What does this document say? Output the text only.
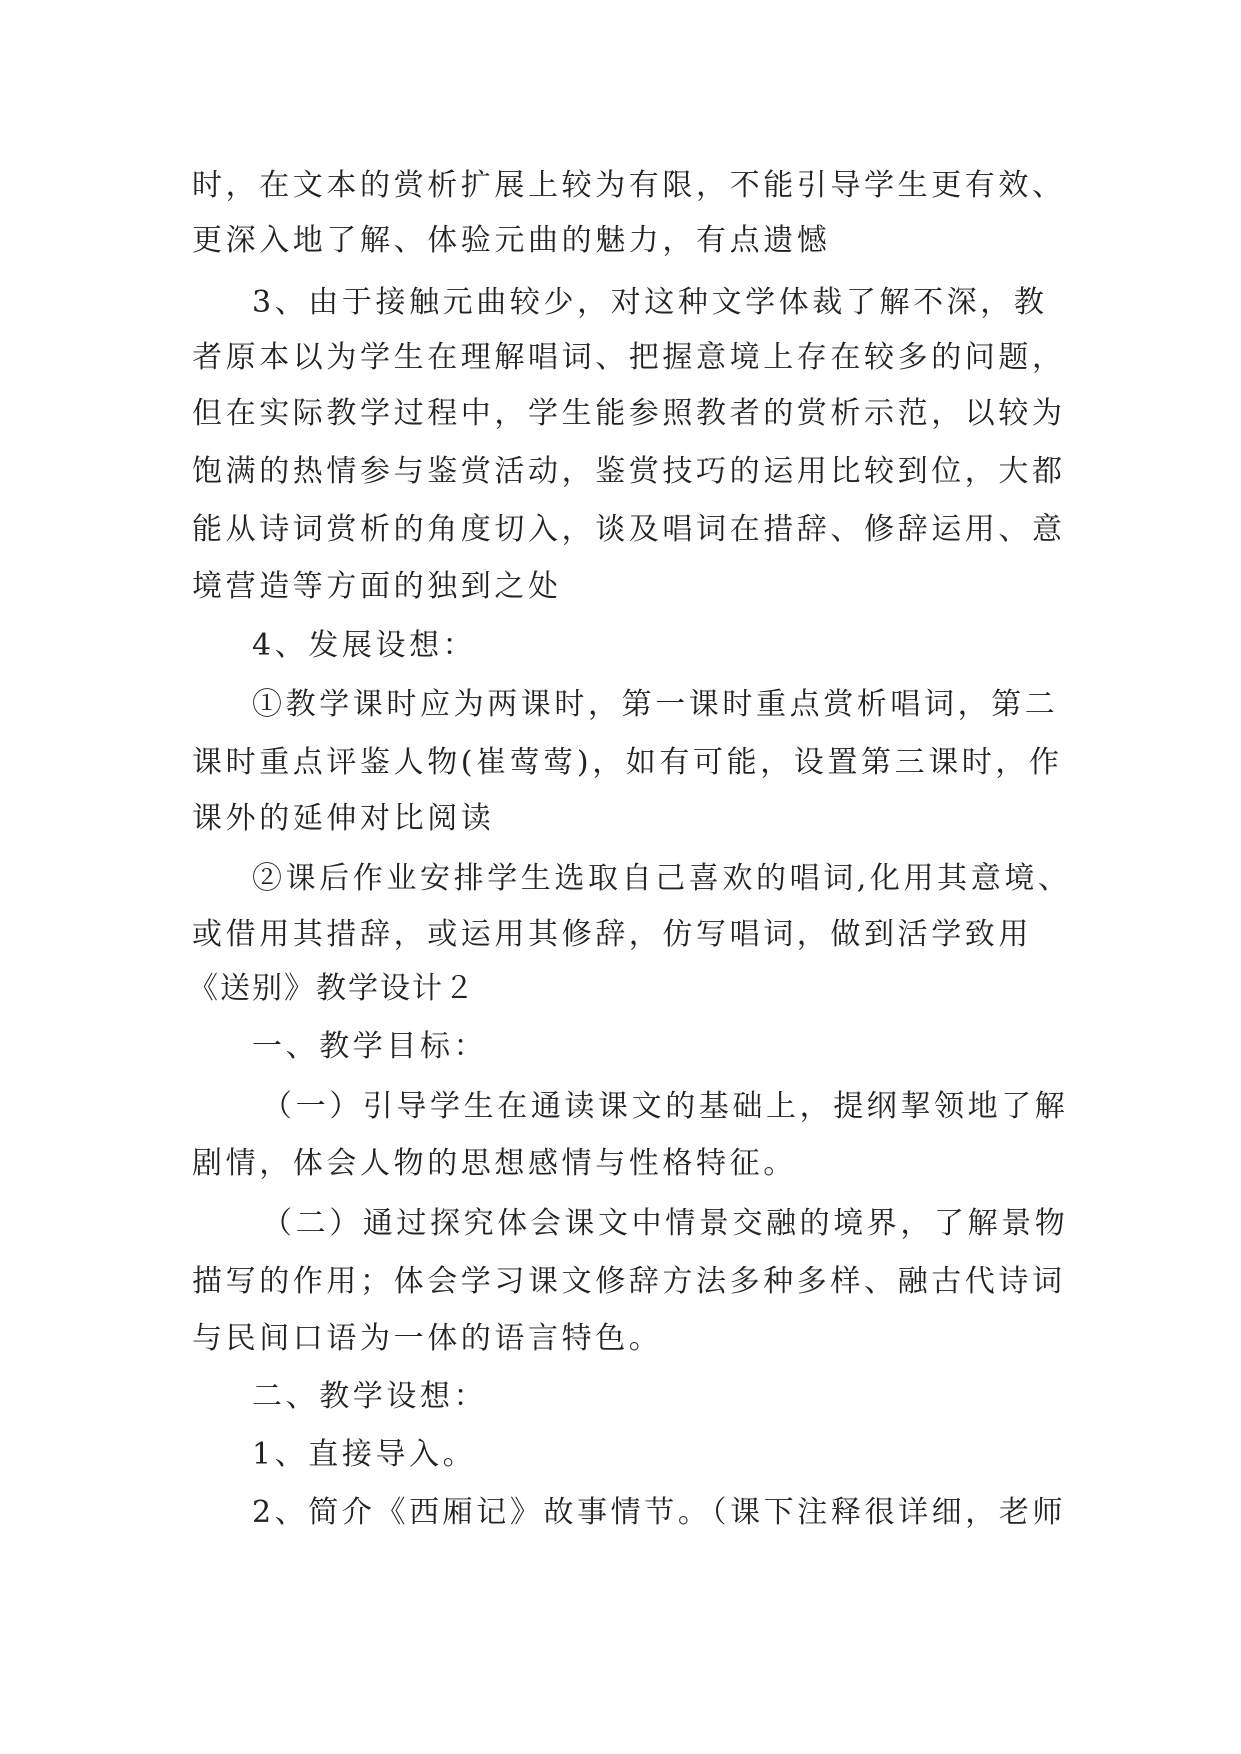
时，在文本的赏析扩展上较为有限，不能引导学生更有效、
更深入地了解、体验元曲的魅力，有点遗憾
3、由于接触元曲较少，对这种文学体裁了解不深，教
者原本以为学生在理解唱词、把握意境上存在较多的问题，
但在实际教学过程中，学生能参照教者的赏析示范，以较为
饱满的热情参与鉴赏活动，鉴赏技巧的运用比较到位，大都
能从诗词赏析的角度切入，谈及唱词在措辞、修辞运用、意
境营造等方面的独到之处
4、发展设想：
①教学课时应为两课时，第一课时重点赏析唱词，第二
课时重点评鉴人物(崔莺莺)，如有可能，设置第三课时，作
课外的延伸对比阅读
②课后作业安排学生选取自己喜欢的唱词,化用其意境、
或借用其措辞，或运用其修辞，仿写唱词，做到活学致用
《送别》教学设计２
一、教学目标：
（一）引导学生在通读课文的基础上，提纲挈领地了解
剧情，体会人物的思想感情与性格特征。
（二）通过探究体会课文中情景交融的境界，了解景物
描写的作用；体会学习课文修辞方法多种多样、融古代诗词
与民间口语为一体的语言特色。
二、教学设想：
1、直接导入。
2、简介《西厢记》故事情节。（课下注释很详细，老师
